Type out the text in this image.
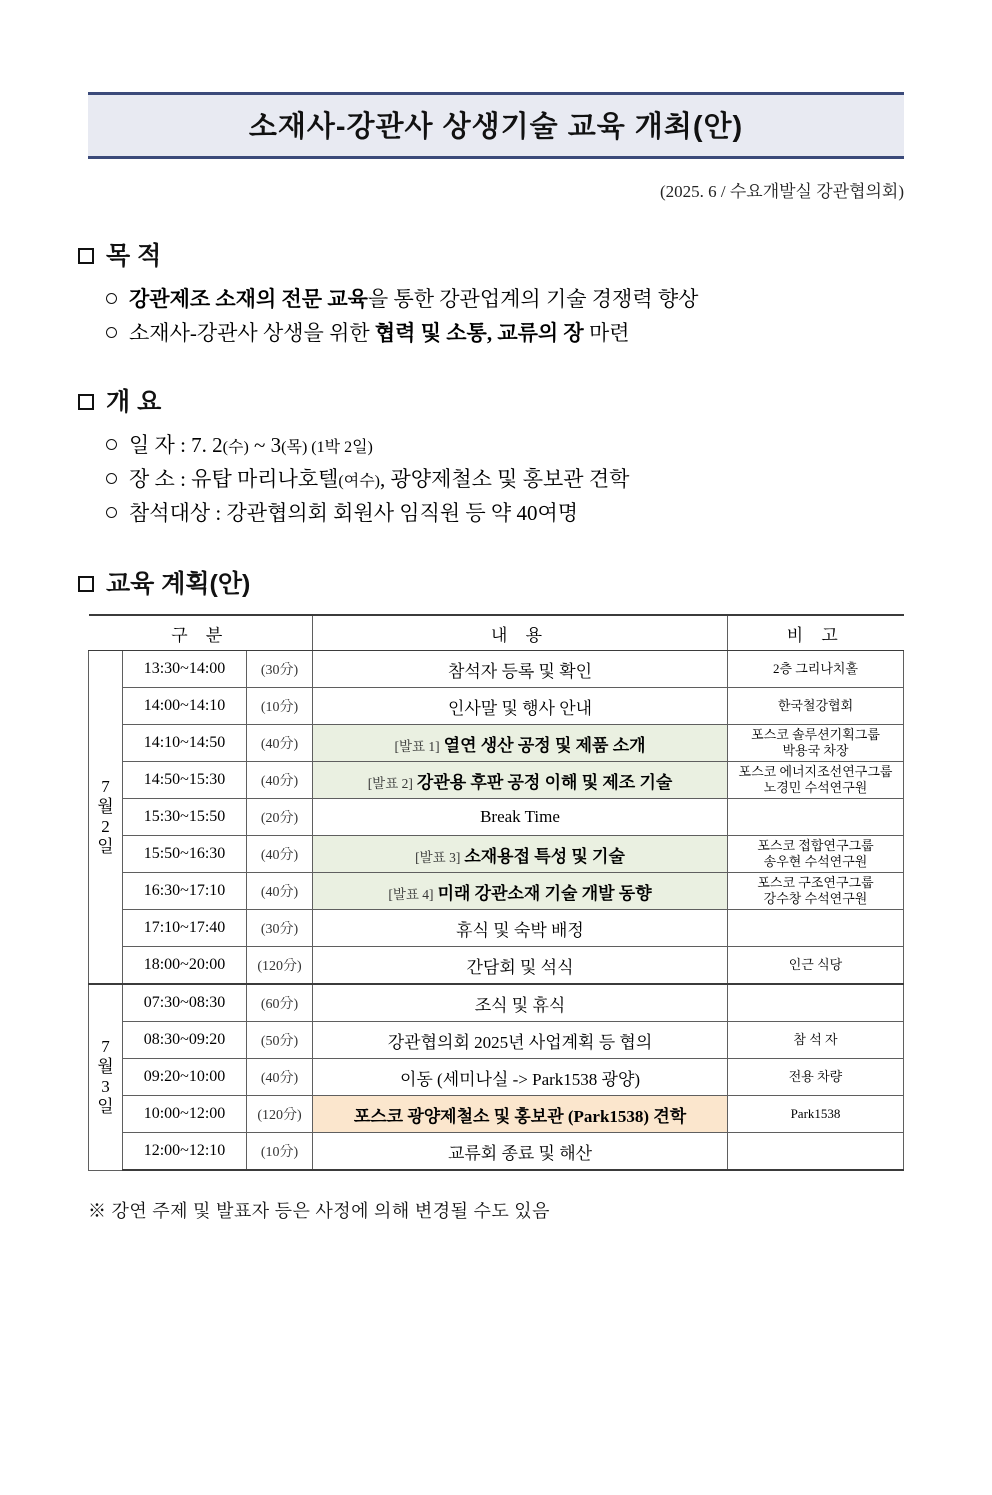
소재사-강관사 상생기술 교육 개최(안)
(2025. 6 / 수요개발실 강관협의회)
목 적
강관제조 소재의 전문 교육을 통한 강관업계의 기술 경쟁력 향상
소재사-강관사 상생을 위한 협력 및 소통, 교류의 장 마련
개 요
일 자 : 7. 2(수) ~ 3(목) (1박 2일)
장 소 : 유탑 마리나호텔(여수), 광양제철소 및 홍보관 견학
참석대상 : 강관협의회 회원사 임직원 등 약 40여명
교육 계획(안)
구 분			내 용	비 고

7
월
2
일	13:30~14:00	(30分)	참석자 등록 및 확인	2층 그리나치홀

	14:00~14:10	(10分)	인사말 및 행사 안내	한국철강협회

	14:10~14:50	(40分)	[발표 1] 열연 생산 공정 및 제품 소개	포스코 솔루션기획그룹
박용국 차장

	14:50~15:30	(40分)	[발표 2] 강관용 후판 공정 이해 및 제조 기술	포스코 에너지조선연구그룹
노경민 수석연구원

	15:30~15:50	(20分)	Break Time	

	15:50~16:30	(40分)	[발표 3] 소재용접 특성 및 기술	포스코 접합연구그룹
송우현 수석연구원

	16:30~17:10	(40分)	[발표 4] 미래 강관소재 기술 개발 동향	포스코 구조연구그룹
강수창 수석연구원

	17:10~17:40	(30分)	휴식 및 숙박 배정	

	18:00~20:00	(120分)	간담회 및 석식	인근 식당

7
월
3
일	07:30~08:30	(60分)	조식 및 휴식	

	08:30~09:20	(50分)	강관협의회 2025년 사업계획 등 협의	참 석 자

	09:20~10:00	(40分)	이동 (세미나실 -> Park1538 광양)	전용 차량

	10:00~12:00	(120分)	포스코 광양제철소 및 홍보관 (Park1538) 견학	Park1538

	12:00~12:10	(10分)	교류회 종료 및 해산	
※ 강연 주제 및 발표자 등은 사정에 의해 변경될 수도 있음
